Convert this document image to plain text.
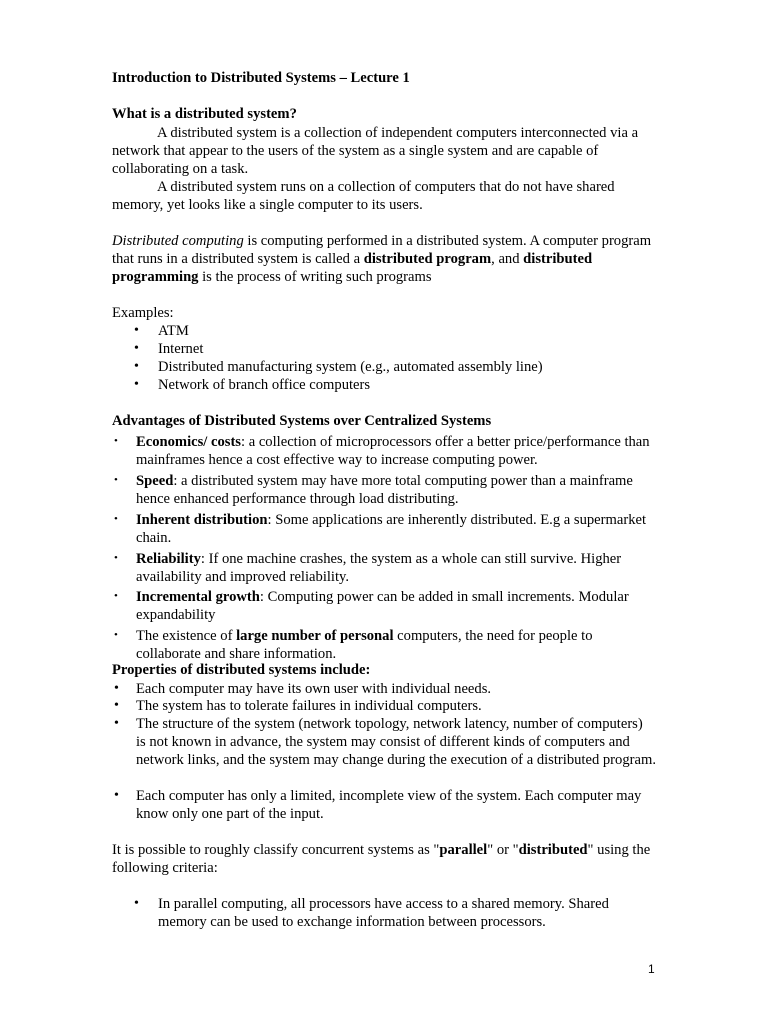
Introduction to Distributed Systems – Lecture 1
What is a distributed system?
A distributed system is a collection of independent computers interconnected via a network that appear to the users of the system as a single system and are capable of collaborating on a task.
A distributed system runs on a collection of computers that do not have shared memory, yet looks like a single computer to its users.
Distributed computing is computing performed in a distributed system. A computer program that runs in a distributed system is called a distributed program, and distributed programming is the process of writing such programs
Examples:
• ATM
• Internet
• Distributed manufacturing system (e.g., automated assembly line)
• Network of branch office computers
Advantages of Distributed Systems over Centralized Systems
• Economics/ costs: a collection of microprocessors offer a better price/performance than mainframes hence a cost effective way to increase computing power.
• Speed: a distributed system may have more total computing power than a mainframe hence enhanced performance through load distributing.
• Inherent distribution: Some applications are inherently distributed. E.g a supermarket chain.
• Reliability: If one machine crashes, the system as a whole can still survive. Higher availability and improved reliability.
• Incremental growth: Computing power can be added in small increments. Modular expandability
• The existence of large number of personal computers, the need for people to collaborate and share information.
Properties of distributed systems include:
• Each computer may have its own user with individual needs.
• The system has to tolerate failures in individual computers.
• The structure of the system (network topology, network latency, number of computers) is not known in advance, the system may consist of different kinds of computers and network links, and the system may change during the execution of a distributed program.
• Each computer has only a limited, incomplete view of the system. Each computer may know only one part of the input.
It is possible to roughly classify concurrent systems as "parallel" or "distributed" using the following criteria:
• In parallel computing, all processors have access to a shared memory. Shared memory can be used to exchange information between processors.
1
